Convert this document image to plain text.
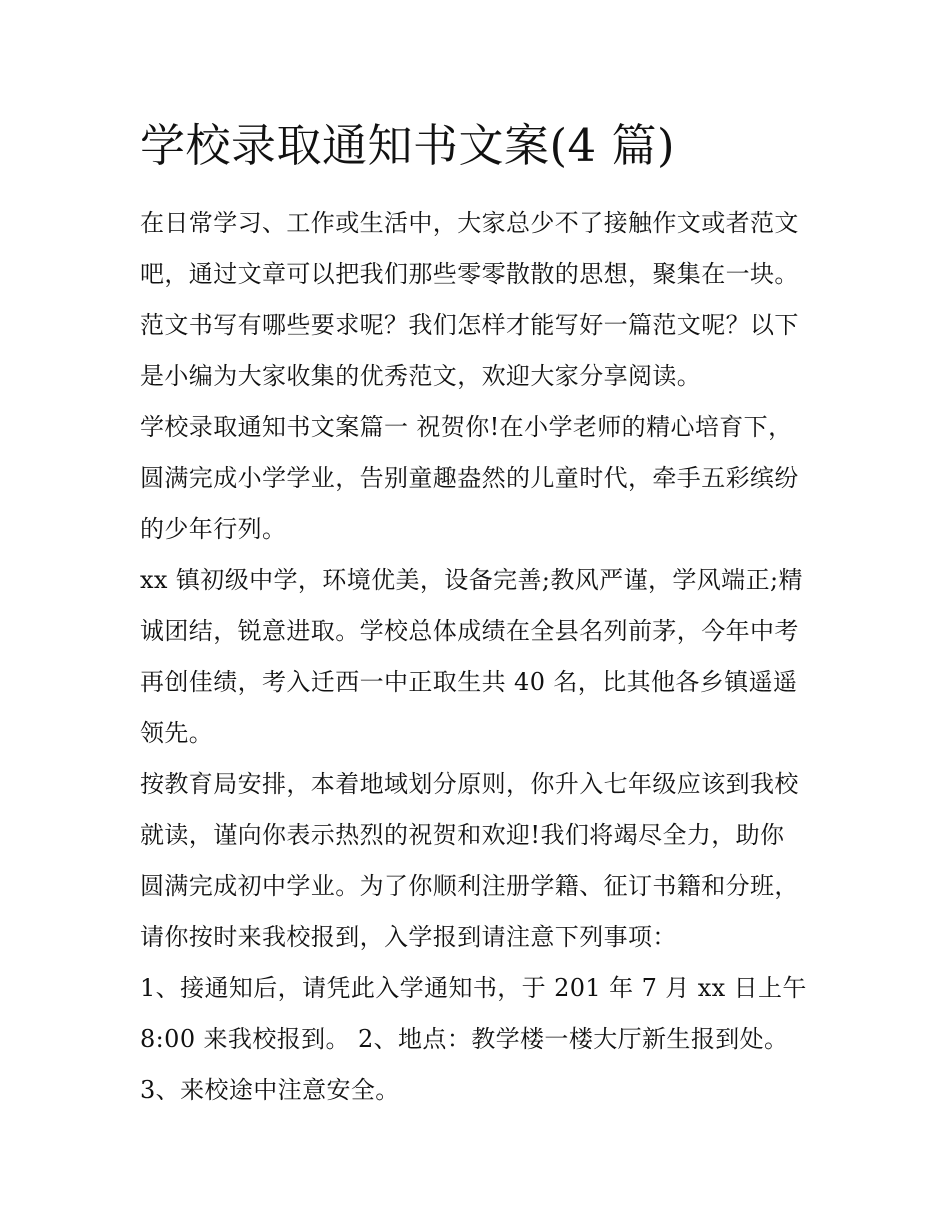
学校录取通知书文案(4 篇)
在日常学习、工作或生活中，大家总少不了接触作文或者范文
吧，通过文章可以把我们那些零零散散的思想，聚集在一块。
范文书写有哪些要求呢？我们怎样才能写好一篇范文呢？以下
是小编为大家收集的优秀范文，欢迎大家分享阅读。
学校录取通知书文案篇一 祝贺你!在小学老师的精心培育下，
圆满完成小学学业，告别童趣盎然的儿童时代，牵手五彩缤纷
的少年行列。
xx 镇初级中学，环境优美，设备完善;教风严谨，学风端正;精
诚团结，锐意进取。学校总体成绩在全县名列前茅，今年中考
再创佳绩，考入迁西一中正取生共 40 名，比其他各乡镇遥遥
领先。
按教育局安排，本着地域划分原则，你升入七年级应该到我校
就读，谨向你表示热烈的祝贺和欢迎!我们将竭尽全力，助你
圆满完成初中学业。为了你顺利注册学籍、征订书籍和分班，
请你按时来我校报到，入学报到请注意下列事项：
1、接通知后，请凭此入学通知书，于 201 年 7 月 xx 日上午
8:00 来我校报到。 2、地点：教学楼一楼大厅新生报到处。
3、来校途中注意安全。
